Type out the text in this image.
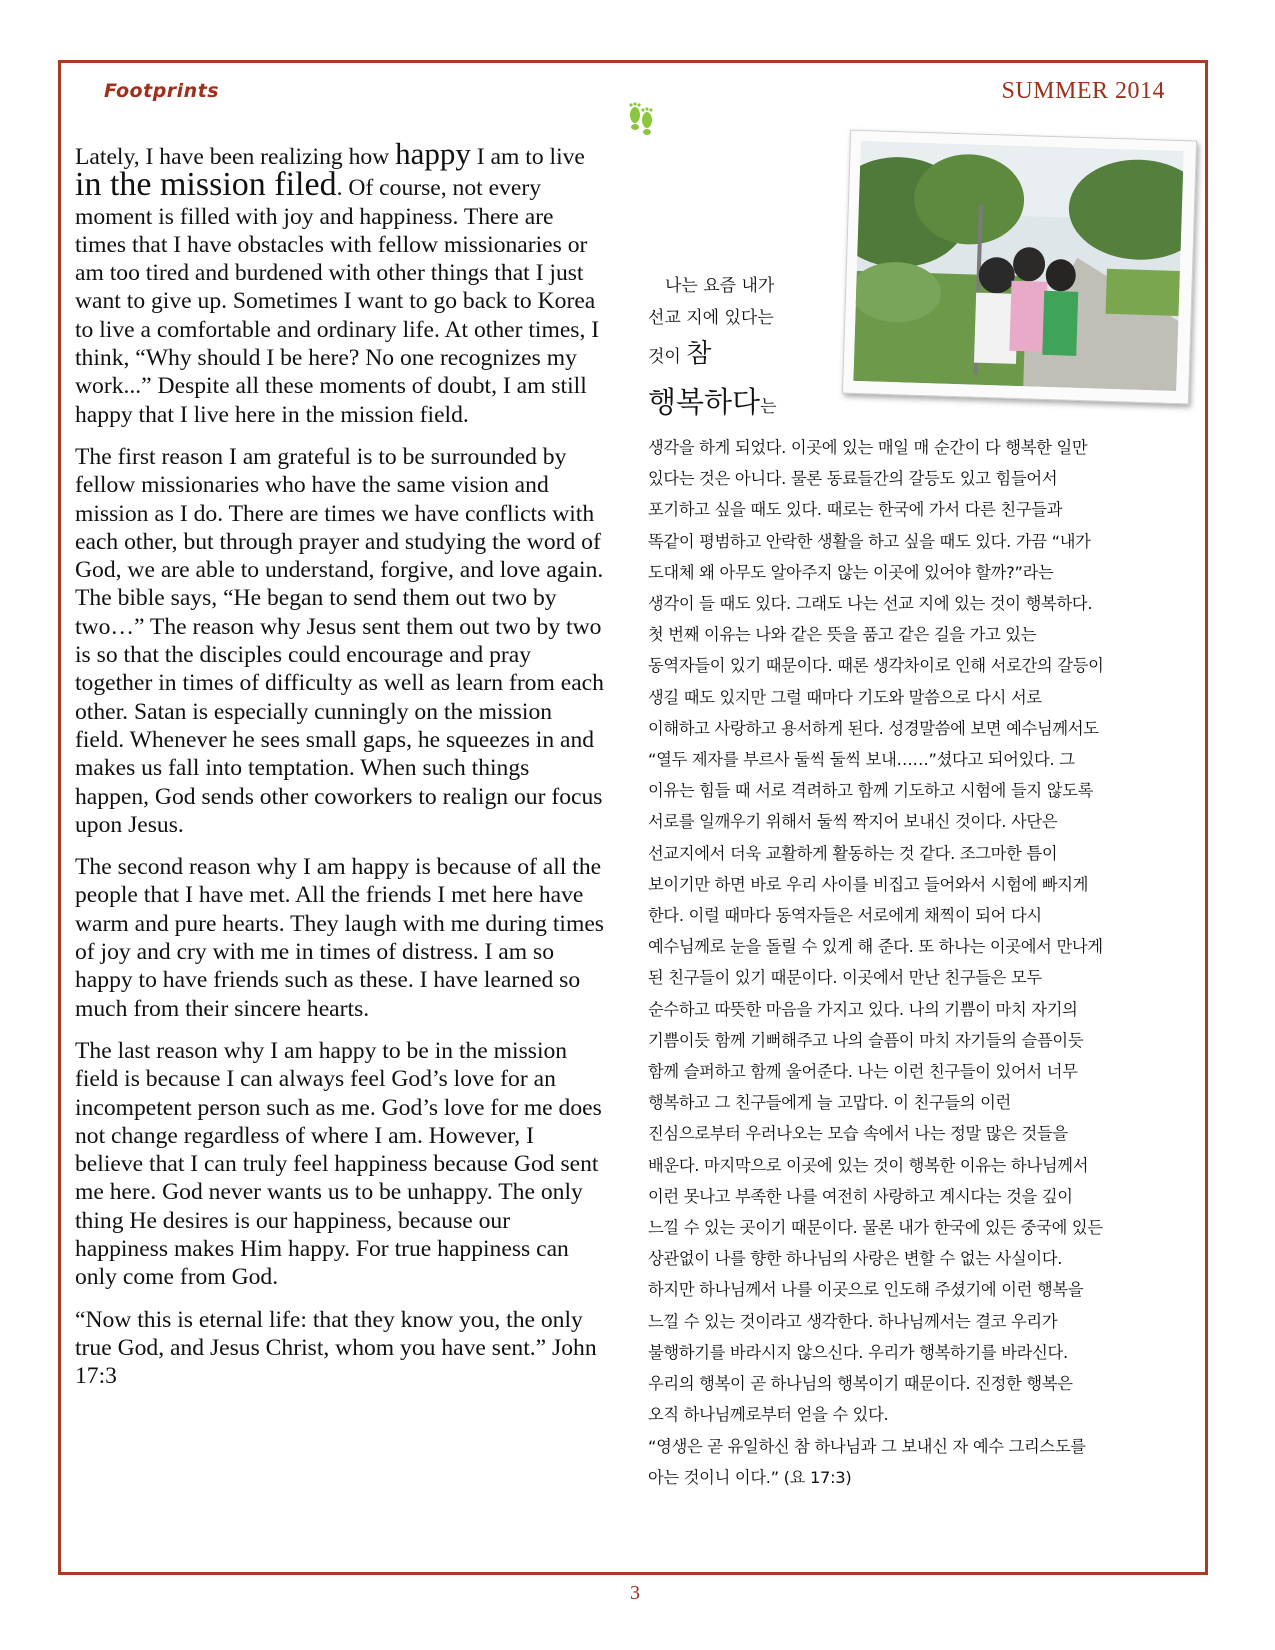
Footprints	SUMMER 2014

Lately, I have been realizing how happy I am to live in the mission filed. Of course, not every moment is filled with joy and happiness. There are times that I have obstacles with fellow missionaries or am too tired and burdened with other things that I just want to give up. Sometimes I want to go back to Korea to live a comfortable and ordinary life. At other times, I think, “Why should I be here? No one recognizes my work...” Despite all these moments of doubt, I am still happy that I live here in the mission field.

The first reason I am grateful is to be surrounded by fellow missionaries who have the same vision and mission as I do. There are times we have conflicts with each other, but through prayer and studying the word of God, we are able to understand, forgive, and love again. The bible says, “He began to send them out two by two…” The reason why Jesus sent them out two by two is so that the disciples could encourage and pray together in times of difficulty as well as learn from each other. Satan is especially cunningly on the mission field. Whenever he sees small gaps, he squeezes in and makes us fall into temptation. When such things happen, God sends other coworkers to realign our focus upon Jesus.

The second reason why I am happy is because of all the people that I have met. All the friends I met here have warm and pure hearts. They laugh with me during times of joy and cry with me in times of distress. I am so happy to have friends such as these. I have learned so much from their sincere hearts.

The last reason why I am happy to be in the mission field is because I can always feel God’s love for an incompetent person such as me. God’s love for me does not change regardless of where I am. However, I believe that I can truly feel happiness because God sent me here. God never wants us to be unhappy. The only thing He desires is our happiness, because our happiness makes Him happy. For true happiness can only come from God.

“Now this is eternal life: that they know you, the only true God, and Jesus Christ, whom you have sent.” John 17:3

 나는 요즘 내가
선교 지에 있다는
것이 참
행복하다는
생각을 하게 되었다. 이곳에 있는 매일 매 순간이 다 행복한 일만
있다는 것은 아니다. 물론 동료들간의 갈등도 있고 힘들어서
포기하고 싶을 때도 있다. 때로는 한국에 가서 다른 친구들과
똑같이 평범하고 안락한 생활을 하고 싶을 때도 있다. 가끔 “내가
도대체 왜 아무도 알아주지 않는 이곳에 있어야 할까?”라는
생각이 들 때도 있다. 그래도 나는 선교 지에 있는 것이 행복하다.
첫 번째 이유는 나와 같은 뜻을 품고 같은 길을 가고 있는
동역자들이 있기 때문이다. 때론 생각차이로 인해 서로간의 갈등이
생길 때도 있지만 그럴 때마다 기도와 말씀으로 다시 서로
이해하고 사랑하고 용서하게 된다. 성경말씀에 보면 예수님께서도
“열두 제자를 부르사 둘씩 둘씩 보내……”셨다고 되어있다. 그
이유는 힘들 때 서로 격려하고 함께 기도하고 시험에 들지 않도록
서로를 일깨우기 위해서 둘씩 짝지어 보내신 것이다. 사단은
선교지에서 더욱 교활하게 활동하는 것 같다. 조그마한 틈이
보이기만 하면 바로 우리 사이를 비집고 들어와서 시험에 빠지게
한다. 이럴 때마다 동역자들은 서로에게 채찍이 되어 다시
예수님께로 눈을 돌릴 수 있게 해 준다. 또 하나는 이곳에서 만나게
된 친구들이 있기 때문이다. 이곳에서 만난 친구들은 모두
순수하고 따뜻한 마음을 가지고 있다. 나의 기쁨이 마치 자기의
기쁨이듯 함께 기뻐해주고 나의 슬픔이 마치 자기들의 슬픔이듯
함께 슬퍼하고 함께 울어준다. 나는 이런 친구들이 있어서 너무
행복하고 그 친구들에게 늘 고맙다. 이 친구들의 이런
진심으로부터 우러나오는 모습 속에서 나는 정말 많은 것들을
배운다. 마지막으로 이곳에 있는 것이 행복한 이유는 하나님께서
이런 못나고 부족한 나를 여전히 사랑하고 계시다는 것을 깊이
느낄 수 있는 곳이기 때문이다. 물론 내가 한국에 있든 중국에 있든
상관없이 나를 향한 하나님의 사랑은 변할 수 없는 사실이다.
하지만 하나님께서 나를 이곳으로 인도해 주셨기에 이런 행복을
느낄 수 있는 것이라고 생각한다. 하나님께서는 결코 우리가
불행하기를 바라시지 않으신다. 우리가 행복하기를 바라신다.
우리의 행복이 곧 하나님의 행복이기 때문이다. 진정한 행복은
오직 하나님께로부터 얻을 수 있다.
“영생은 곧 유일하신 참 하나님과 그 보내신 자 예수 그리스도를
아는 것이니 이다.” (요 17:3)
3
